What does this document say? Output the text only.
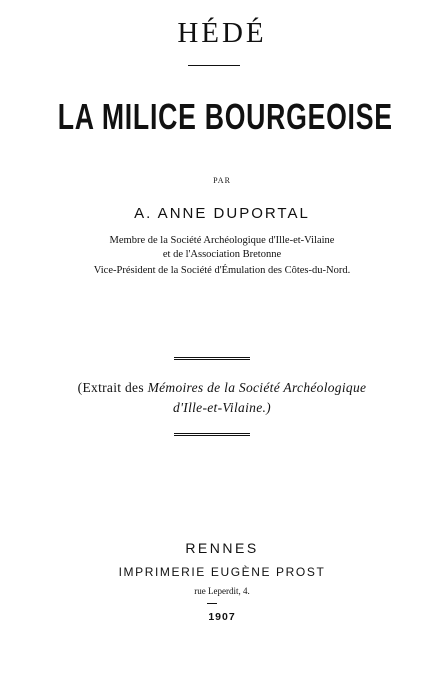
HÉDÉ
LA MILICE BOURGEOISE
PAR
A. ANNE DUPORTAL
Membre de la Société Archéologique d'Ille-et-Vilaine
et de l'Association Bretonne
Vice-Président de la Société d'Émulation des Côtes-du-Nord.
(Extrait des Mémoires de la Société Archéologique
d'Ille-et-Vilaine.)
RENNES
IMPRIMERIE EUGÈNE PROST
rue Leperdit, 4.
1907
